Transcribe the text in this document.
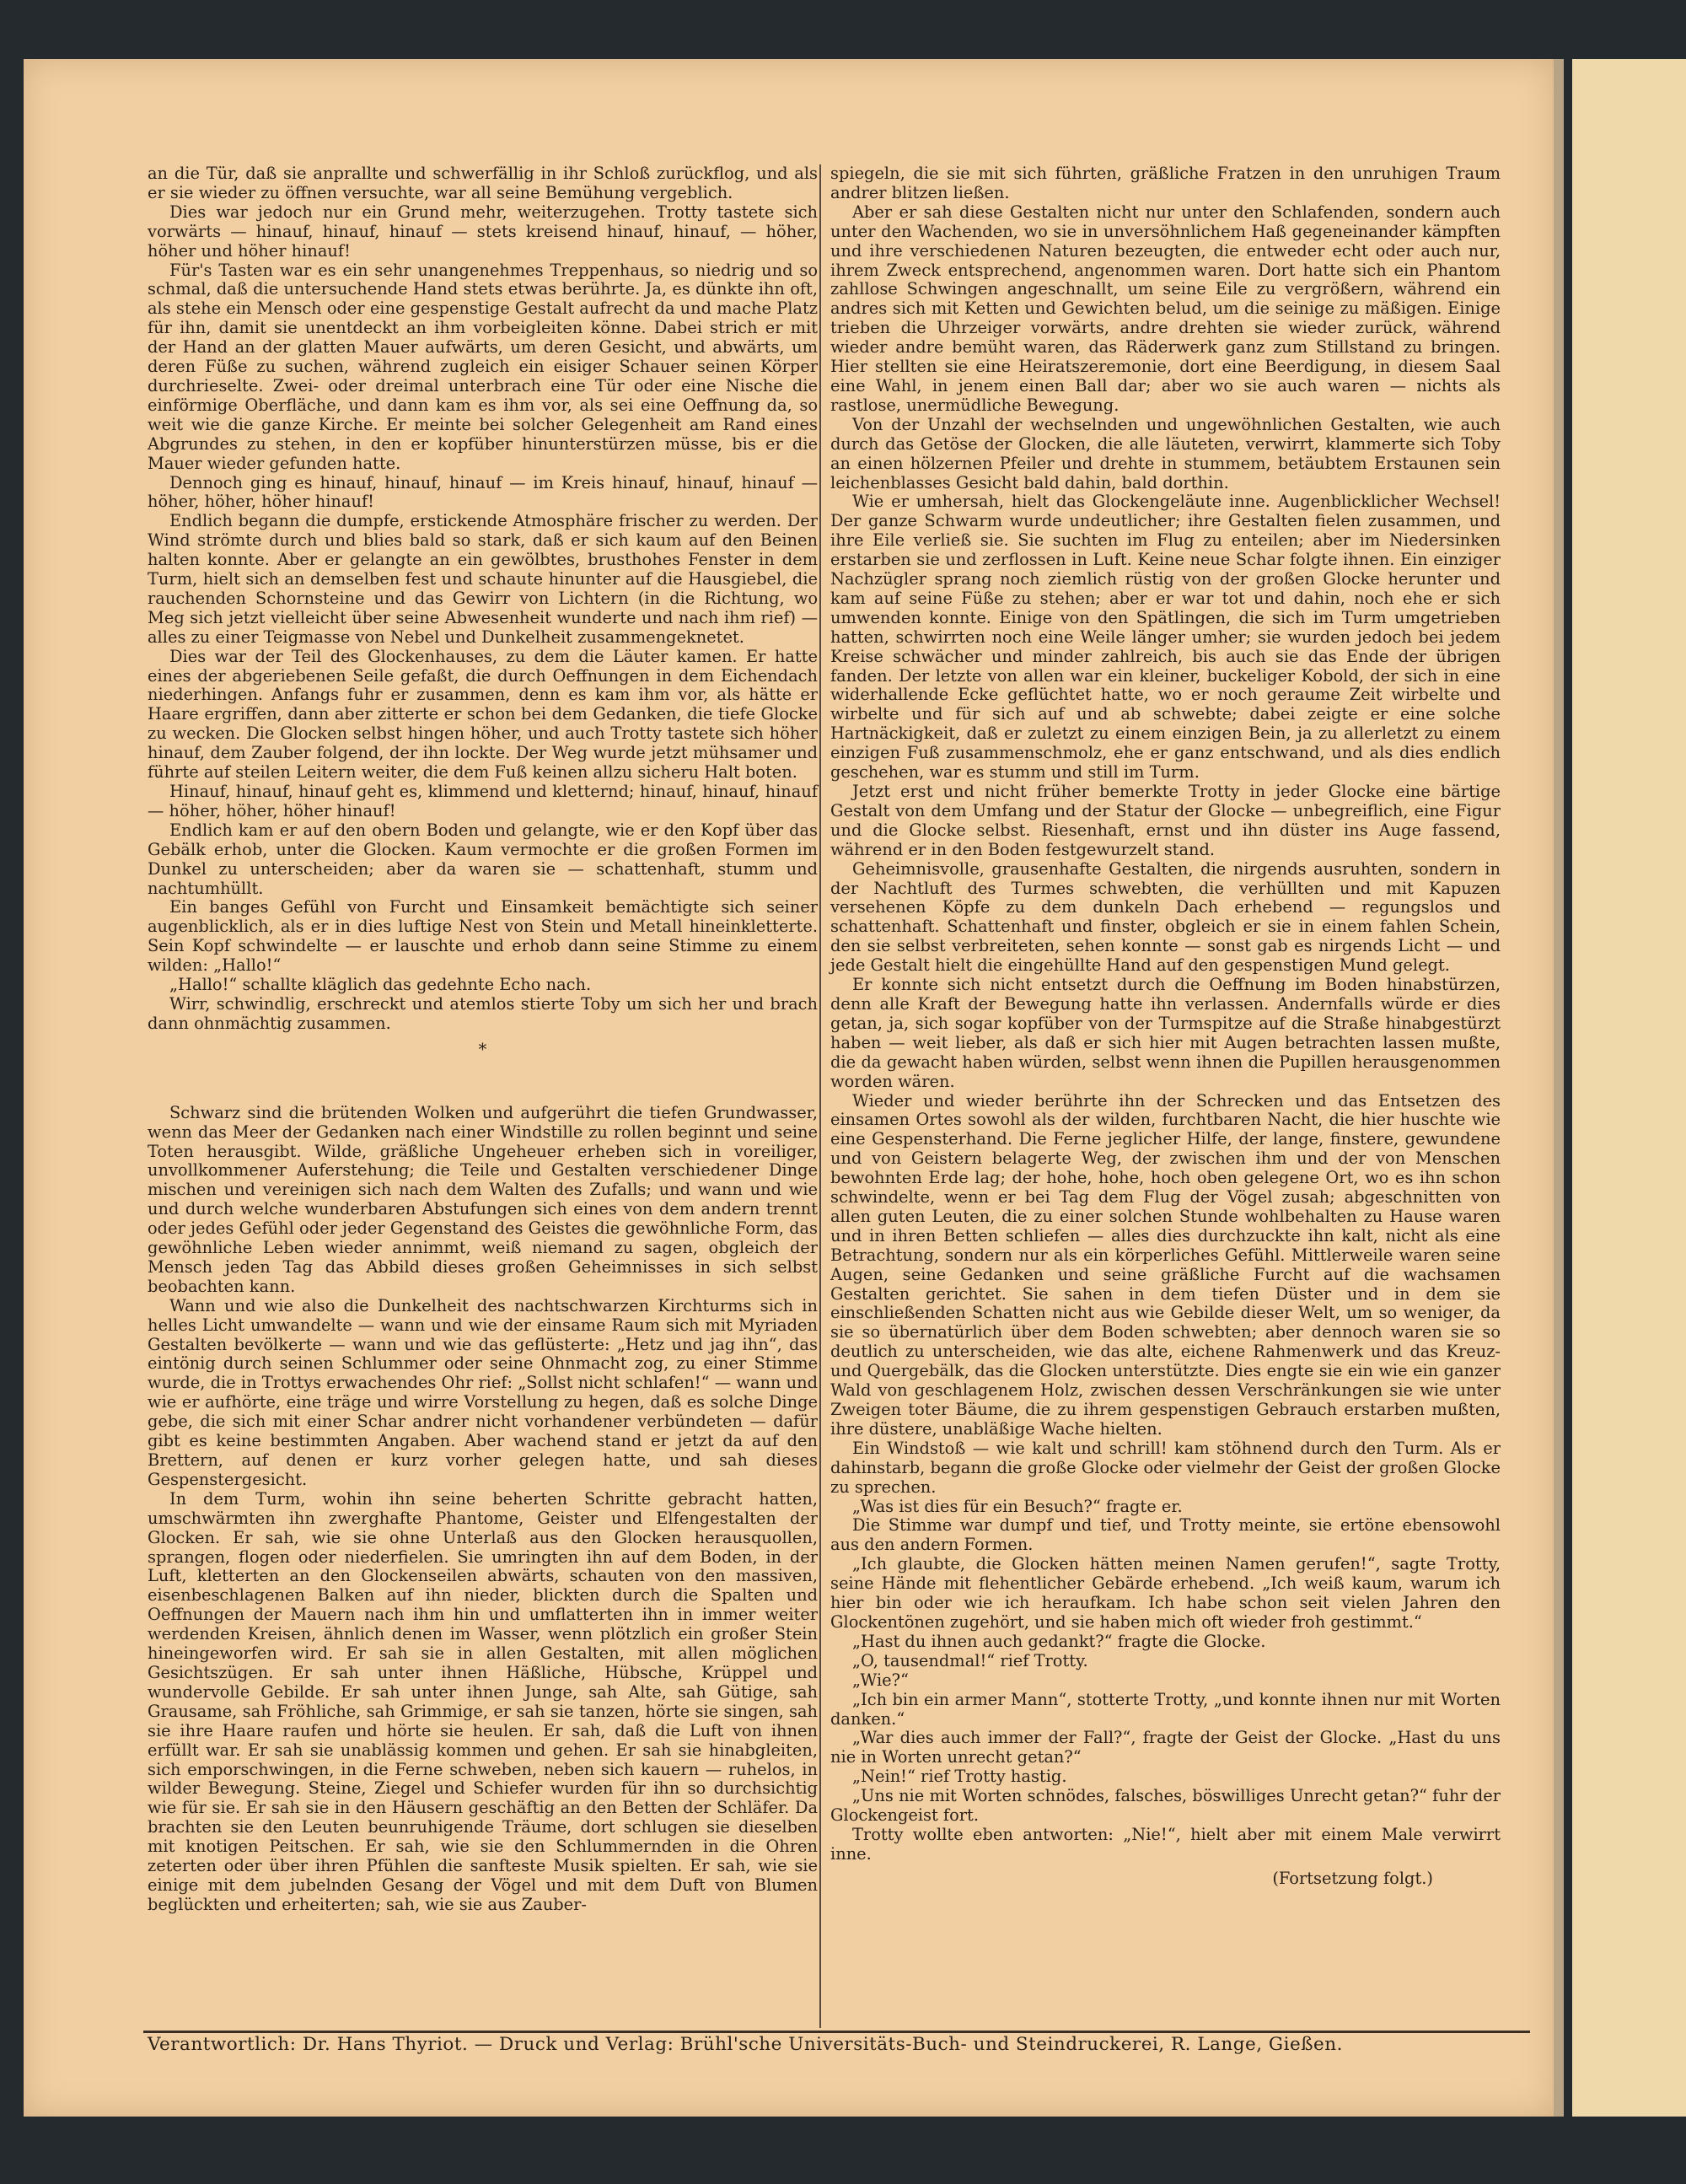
an die Tür, daß sie anprallte und schwerfällig in ihr Schloß zurückflog, und als er sie wieder zu öffnen versuchte, war all seine Bemühung vergeblich.

Dies war jedoch nur ein Grund mehr, weiterzugehen. Trotty tastete sich vorwärts — hinauf, hinauf, hinauf — stets kreisend hinauf, hinauf, — höher, höher und höher hinauf!

Für's Tasten war es ein sehr unangenehmes Treppenhaus, so niedrig und so schmal, daß die untersuchende Hand stets etwas berührte. Ja, es dünkte ihn oft, als stehe ein Mensch oder eine gespenstige Gestalt aufrecht da und mache Platz für ihn, damit sie unentdeckt an ihm vorbeigleiten könne. Dabei strich er mit der Hand an der glatten Mauer aufwärts, um deren Gesicht, und abwärts, um deren Füße zu suchen, während zugleich ein eisiger Schauer seinen Körper durchrieselte. Zwei- oder dreimal unterbrach eine Tür oder eine Nische die einförmige Oberfläche, und dann kam es ihm vor, als sei eine Oeffnung da, so weit wie die ganze Kirche. Er meinte bei solcher Gelegenheit am Rand eines Abgrundes zu stehen, in den er kopfüber hinunterstürzen müsse, bis er die Mauer wieder gefunden hatte.

Dennoch ging es hinauf, hinauf, hinauf — im Kreis hinauf, hinauf, hinauf — höher, höher, höher hinauf!

Endlich begann die dumpfe, erstickende Atmosphäre frischer zu werden. Der Wind strömte durch und blies bald so stark, daß er sich kaum auf den Beinen halten konnte. Aber er gelangte an ein gewölbtes, brusthohes Fenster in dem Turm, hielt sich an demselben fest und schaute hinunter auf die Hausgiebel, die rauchenden Schornsteine und das Gewirr von Lichtern (in die Richtung, wo Meg sich jetzt vielleicht über seine Abwesenheit wunderte und nach ihm rief) — alles zu einer Teigmasse von Nebel und Dunkelheit zusammengeknetet.

Dies war der Teil des Glockenhauses, zu dem die Läuter kamen. Er hatte eines der abgeriebenen Seile gefaßt, die durch Oeffnungen in dem Eichendach niederhingen. Anfangs fuhr er zusammen, denn es kam ihm vor, als hätte er Haare ergriffen, dann aber zitterte er schon bei dem Gedanken, die tiefe Glocke zu wecken. Die Glocken selbst hingen höher, und auch Trotty tastete sich höher hinauf, dem Zauber folgend, der ihn lockte. Der Weg wurde jetzt mühsamer und führte auf steilen Leitern weiter, die dem Fuß keinen allzu sicheru Halt boten.

Hinauf, hinauf, hinauf geht es, klimmend und kletternd; hinauf, hinauf, hinauf — höher, höher, höher hinauf!

Endlich kam er auf den obern Boden und gelangte, wie er den Kopf über das Gebälk erhob, unter die Glocken. Kaum vermochte er die großen Formen im Dunkel zu unterscheiden; aber da waren sie — schattenhaft, stumm und nachtumhüllt.

Ein banges Gefühl von Furcht und Einsamkeit bemächtigte sich seiner augenblicklich, als er in dies luftige Nest von Stein und Metall hineinkletterte. Sein Kopf schwindelte — er lauschte und erhob dann seine Stimme zu einem wilden: „Hallo!“

„Hallo!“ schallte kläglich das gedehnte Echo nach.

Wirr, schwindlig, erschreckt und atemlos stierte Toby um sich her und brach dann ohnmächtig zusammen.

*

Schwarz sind die brütenden Wolken und aufgerührt die tiefen Grundwasser, wenn das Meer der Gedanken nach einer Windstille zu rollen beginnt und seine Toten herausgibt. Wilde, gräßliche Ungeheuer erheben sich in voreiliger, unvollkommener Auferstehung; die Teile und Gestalten verschiedener Dinge mischen und vereinigen sich nach dem Walten des Zufalls; und wann und wie und durch welche wunderbaren Abstufungen sich eines von dem andern trennt oder jedes Gefühl oder jeder Gegenstand des Geistes die gewöhnliche Form, das gewöhnliche Leben wieder annimmt, weiß niemand zu sagen, obgleich der Mensch jeden Tag das Abbild dieses großen Geheimnisses in sich selbst beobachten kann.

Wann und wie also die Dunkelheit des nachtschwarzen Kirchturms sich in helles Licht umwandelte — wann und wie der einsame Raum sich mit Myriaden Gestalten bevölkerte — wann und wie das geflüsterte: „Hetz und jag ihn“, das eintönig durch seinen Schlummer oder seine Ohnmacht zog, zu einer Stimme wurde, die in Trottys erwachendes Ohr rief: „Sollst nicht schlafen!“ — wann und wie er aufhörte, eine träge und wirre Vorstellung zu hegen, daß es solche Dinge gebe, die sich mit einer Schar andrer nicht vorhandener verbündeten — dafür gibt es keine bestimmten Angaben. Aber wachend stand er jetzt da auf den Brettern, auf denen er kurz vorher gelegen hatte, und sah dieses Gespenstergesicht.

In dem Turm, wohin ihn seine beherten Schritte gebracht hatten, umschwärmten ihn zwerghafte Phantome, Geister und Elfengestalten der Glocken. Er sah, wie sie ohne Unterlaß aus den Glocken herausquollen, sprangen, flogen oder niederfielen. Sie umringten ihn auf dem Boden, in der Luft, kletterten an den Glockenseilen abwärts, schauten von den massiven, eisenbeschlagenen Balken auf ihn nieder, blickten durch die Spalten und Oeffnungen der Mauern nach ihm hin und umflatterten ihn in immer weiter werdenden Kreisen, ähnlich denen im Wasser, wenn plötzlich ein großer Stein hineingeworfen wird. Er sah sie in allen Gestalten, mit allen möglichen Gesichtszügen. Er sah unter ihnen Häßliche, Hübsche, Krüppel und wundervolle Gebilde. Er sah unter ihnen Junge, sah Alte, sah Gütige, sah Grausame, sah Fröhliche, sah Grimmige, er sah sie tanzen, hörte sie singen, sah sie ihre Haare raufen und hörte sie heulen. Er sah, daß die Luft von ihnen erfüllt war. Er sah sie unablässig kommen und gehen. Er sah sie hinabgleiten, sich emporschwingen, in die Ferne schweben, neben sich kauern — ruhelos, in wilder Bewegung. Steine, Ziegel und Schiefer wurden für ihn so durchsichtig wie für sie. Er sah sie in den Häusern geschäftig an den Betten der Schläfer. Da brachten sie den Leuten beunruhigende Träume, dort schlugen sie dieselben mit knotigen Peitschen. Er sah, wie sie den Schlummernden in die Ohren zeterten oder über ihren Pfühlen die sanfteste Musik spielten. Er sah, wie sie einige mit dem jubelnden Gesang der Vögel und mit dem Duft von Blumen beglückten und erheiterten; sah, wie sie aus Zauber-

spiegeln, die sie mit sich führten, gräßliche Fratzen in den unruhigen Traum andrer blitzen ließen.

Aber er sah diese Gestalten nicht nur unter den Schlafenden, sondern auch unter den Wachenden, wo sie in unversöhnlichem Haß gegeneinander kämpften und ihre verschiedenen Naturen bezeugten, die entweder echt oder auch nur, ihrem Zweck entsprechend, angenommen waren. Dort hatte sich ein Phantom zahllose Schwingen angeschnallt, um seine Eile zu vergrößern, während ein andres sich mit Ketten und Gewichten belud, um die seinige zu mäßigen. Einige trieben die Uhrzeiger vorwärts, andre drehten sie wieder zurück, während wieder andre bemüht waren, das Räderwerk ganz zum Stillstand zu bringen. Hier stellten sie eine Heiratszeremonie, dort eine Beerdigung, in diesem Saal eine Wahl, in jenem einen Ball dar; aber wo sie auch waren — nichts als rastlose, unermüdliche Bewegung.

Von der Unzahl der wechselnden und ungewöhnlichen Gestalten, wie auch durch das Getöse der Glocken, die alle läuteten, verwirrt, klammerte sich Toby an einen hölzernen Pfeiler und drehte in stummem, betäubtem Erstaunen sein leichenblasses Gesicht bald dahin, bald dorthin.

Wie er umhersah, hielt das Glockengeläute inne. Augenblicklicher Wechsel! Der ganze Schwarm wurde undeutlicher; ihre Gestalten fielen zusammen, und ihre Eile verließ sie. Sie suchten im Flug zu enteilen; aber im Niedersinken erstarben sie und zerflossen in Luft. Keine neue Schar folgte ihnen. Ein einziger Nachzügler sprang noch ziemlich rüstig von der großen Glocke herunter und kam auf seine Füße zu stehen; aber er war tot und dahin, noch ehe er sich umwenden konnte. Einige von den Spätlingen, die sich im Turm umgetrieben hatten, schwirrten noch eine Weile länger umher; sie wurden jedoch bei jedem Kreise schwächer und minder zahlreich, bis auch sie das Ende der übrigen fanden. Der letzte von allen war ein kleiner, buckeliger Kobold, der sich in eine widerhallende Ecke geflüchtet hatte, wo er noch geraume Zeit wirbelte und wirbelte und für sich auf und ab schwebte; dabei zeigte er eine solche Hartnäckigkeit, daß er zuletzt zu einem einzigen Bein, ja zu allerletzt zu einem einzigen Fuß zusammenschmolz, ehe er ganz entschwand, und als dies endlich geschehen, war es stumm und still im Turm.

Jetzt erst und nicht früher bemerkte Trotty in jeder Glocke eine bärtige Gestalt von dem Umfang und der Statur der Glocke — unbegreiflich, eine Figur und die Glocke selbst. Riesenhaft, ernst und ihn düster ins Auge fassend, während er in den Boden festgewurzelt stand.

Geheimnisvolle, grausenhafte Gestalten, die nirgends ausruhten, sondern in der Nachtluft des Turmes schwebten, die verhüllten und mit Kapuzen versehenen Köpfe zu dem dunkeln Dach erhebend — regungslos und schattenhaft. Schattenhaft und finster, obgleich er sie in einem fahlen Schein, den sie selbst verbreiteten, sehen konnte — sonst gab es nirgends Licht — und jede Gestalt hielt die eingehüllte Hand auf den gespenstigen Mund gelegt.

Er konnte sich nicht entsetzt durch die Oeffnung im Boden hinabstürzen, denn alle Kraft der Bewegung hatte ihn verlassen. Andernfalls würde er dies getan, ja, sich sogar kopfüber von der Turmspitze auf die Straße hinabgestürzt haben — weit lieber, als daß er sich hier mit Augen betrachten lassen mußte, die da gewacht haben würden, selbst wenn ihnen die Pupillen herausgenommen worden wären.

Wieder und wieder berührte ihn der Schrecken und das Entsetzen des einsamen Ortes sowohl als der wilden, furchtbaren Nacht, die hier huschte wie eine Gespensterhand. Die Ferne jeglicher Hilfe, der lange, finstere, gewundene und von Geistern belagerte Weg, der zwischen ihm und der von Menschen bewohnten Erde lag; der hohe, hohe, hoch oben gelegene Ort, wo es ihn schon schwindelte, wenn er bei Tag dem Flug der Vögel zusah; abgeschnitten von allen guten Leuten, die zu einer solchen Stunde wohlbehalten zu Hause waren und in ihren Betten schliefen — alles dies durchzuckte ihn kalt, nicht als eine Betrachtung, sondern nur als ein körperliches Gefühl. Mittlerweile waren seine Augen, seine Gedanken und seine gräßliche Furcht auf die wachsamen Gestalten gerichtet. Sie sahen in dem tiefen Düster und in dem sie einschließenden Schatten nicht aus wie Gebilde dieser Welt, um so weniger, da sie so übernatürlich über dem Boden schwebten; aber dennoch waren sie so deutlich zu unterscheiden, wie das alte, eichene Rahmenwerk und das Kreuz- und Quergebälk, das die Glocken unterstützte. Dies engte sie ein wie ein ganzer Wald von geschlagenem Holz, zwischen dessen Verschränkungen sie wie unter Zweigen toter Bäume, die zu ihrem gespenstigen Gebrauch erstarben mußten, ihre düstere, unabläßige Wache hielten.

Ein Windstoß — wie kalt und schrill! kam stöhnend durch den Turm. Als er dahinstarb, begann die große Glocke oder vielmehr der Geist der großen Glocke zu sprechen.

„Was ist dies für ein Besuch?“ fragte er.

Die Stimme war dumpf und tief, und Trotty meinte, sie ertöne ebensowohl aus den andern Formen.

„Ich glaubte, die Glocken hätten meinen Namen gerufen!“, sagte Trotty, seine Hände mit flehentlicher Gebärde erhebend. „Ich weiß kaum, warum ich hier bin oder wie ich heraufkam. Ich habe schon seit vielen Jahren den Glockentönen zugehört, und sie haben mich oft wieder froh gestimmt.“

„Hast du ihnen auch gedankt?“ fragte die Glocke.

„O, tausendmal!“ rief Trotty.

„Wie?“

„Ich bin ein armer Mann“, stotterte Trotty, „und konnte ihnen nur mit Worten danken.“

„War dies auch immer der Fall?“, fragte der Geist der Glocke. „Hast du uns nie in Worten unrecht getan?“

„Nein!“ rief Trotty hastig.

„Uns nie mit Worten schnödes, falsches, böswilliges Unrecht getan?“ fuhr der Glockengeist fort.

Trotty wollte eben antworten: „Nie!“, hielt aber mit einem Male verwirrt inne.

(Fortsetzung folgt.)
Verantwortlich: Dr. Hans Thyriot. — Druck und Verlag: Brühl'sche Universitäts-Buch- und Steindruckerei, R. Lange, Gießen.
